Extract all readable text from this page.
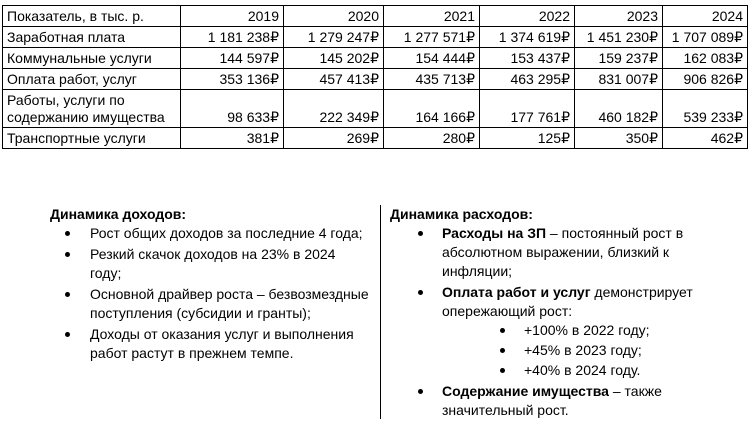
Показатель, в тыс. р.	2019	2020	2021	2022	2023	2024
Заработная плата	1 181 238₽	1 279 247₽	1 277 571₽	1 374 619₽	1 451 230₽	1 707 089₽
Коммунальные услуги	144 597₽	145 202₽	154 444₽	153 437₽	159 237₽	162 083₽
Оплата работ, услуг	353 136₽	457 413₽	435 713₽	463 295₽	831 007₽	906 826₽
Работы, услуги по содержанию имущества	98 633₽	222 349₽	164 166₽	177 761₽	460 182₽	539 233₽
Транспортные услуги	381₽	269₽	280₽	125₽	350₽	462₽
Динамика доходов:
Рост общих доходов за последние 4 года;
Резкий скачок доходов на 23% в 2024 году;
Основной драйвер роста – безвозмездные поступления (субсидии и гранты);
Доходы от оказания услуг и выполнения работ растут в прежнем темпе.
Динамика расходов:
Расходы на ЗП – постоянный рост в абсолютном выражении, близкий к инфляции;
Оплата работ и услуг демонстрирует опережающий рост:
+100% в 2022 году;
+45% в 2023 году;
+40% в 2024 году.
Содержание имущества – также значительный рост.
